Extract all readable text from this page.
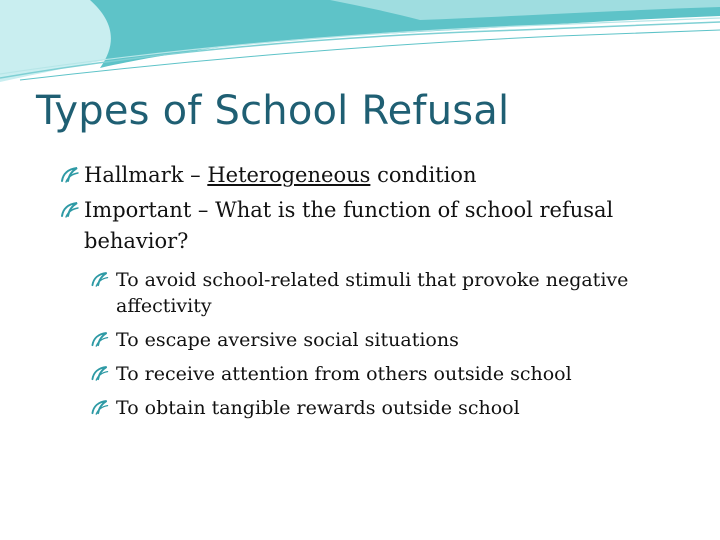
Types of School Refusal
Hallmark – Heterogeneous condition
Important – What is the function of school refusal behavior?
To avoid school-related stimuli that provoke negative affectivity
To escape aversive social situations
To receive attention from others outside school
To obtain tangible rewards outside school
